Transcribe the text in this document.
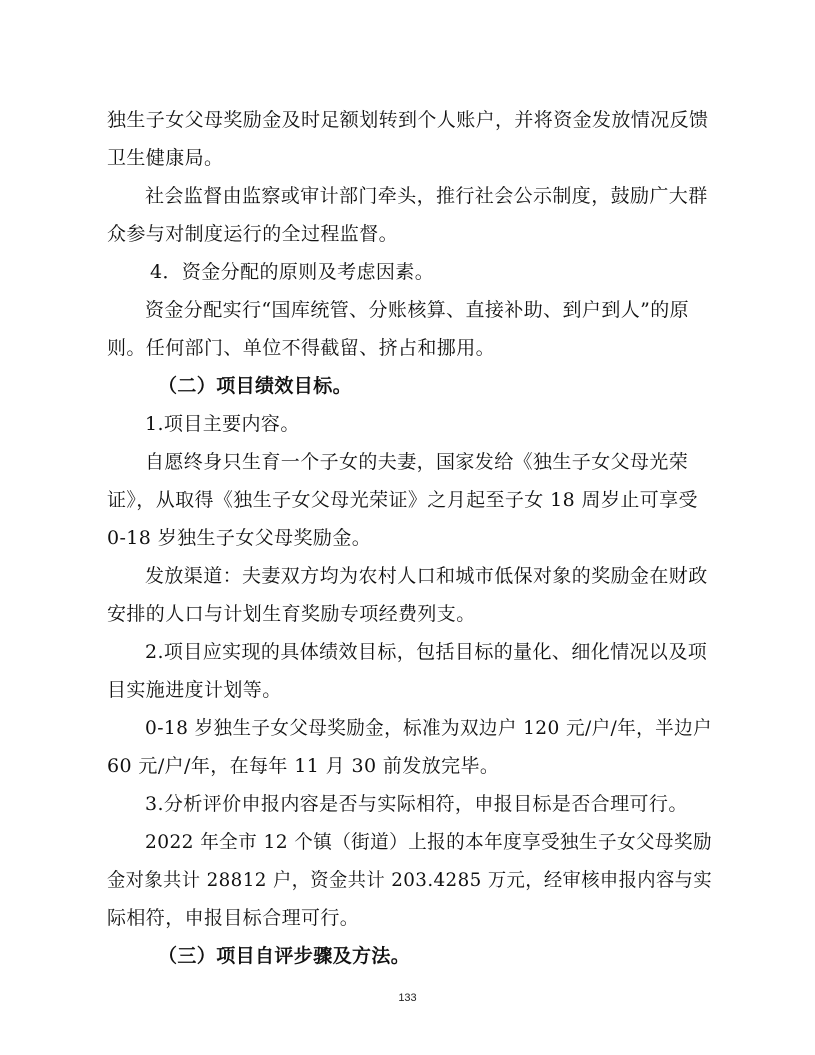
独生子女父母奖励金及时足额划转到个人账户，并将资金发放情况反馈
卫生健康局。
社会监督由监察或审计部门牵头，推行社会公示制度，鼓励广大群
众参与对制度运行的全过程监督。
4．资金分配的原则及考虑因素。
资金分配实行“国库统管、分账核算、直接补助、到户到人”的原
则。任何部门、单位不得截留、挤占和挪用。
（二）项目绩效目标。
1.项目主要内容。
自愿终身只生育一个子女的夫妻，国家发给《独生子女父母光荣
证》，从取得《独生子女父母光荣证》之月起至子女 18 周岁止可享受
0-18 岁独生子女父母奖励金。
发放渠道：夫妻双方均为农村人口和城市低保对象的奖励金在财政
安排的人口与计划生育奖励专项经费列支。
2.项目应实现的具体绩效目标，包括目标的量化、细化情况以及项
目实施进度计划等。
0-18 岁独生子女父母奖励金，标准为双边户 120 元/户/年，半边户
60 元/户/年，在每年 11 月 30 前发放完毕。
3.分析评价申报内容是否与实际相符，申报目标是否合理可行。
2022 年全市 12 个镇（街道）上报的本年度享受独生子女父母奖励
金对象共计 28812 户，资金共计 203.4285 万元，经审核申报内容与实
际相符，申报目标合理可行。
（三）项目自评步骤及方法。
133
